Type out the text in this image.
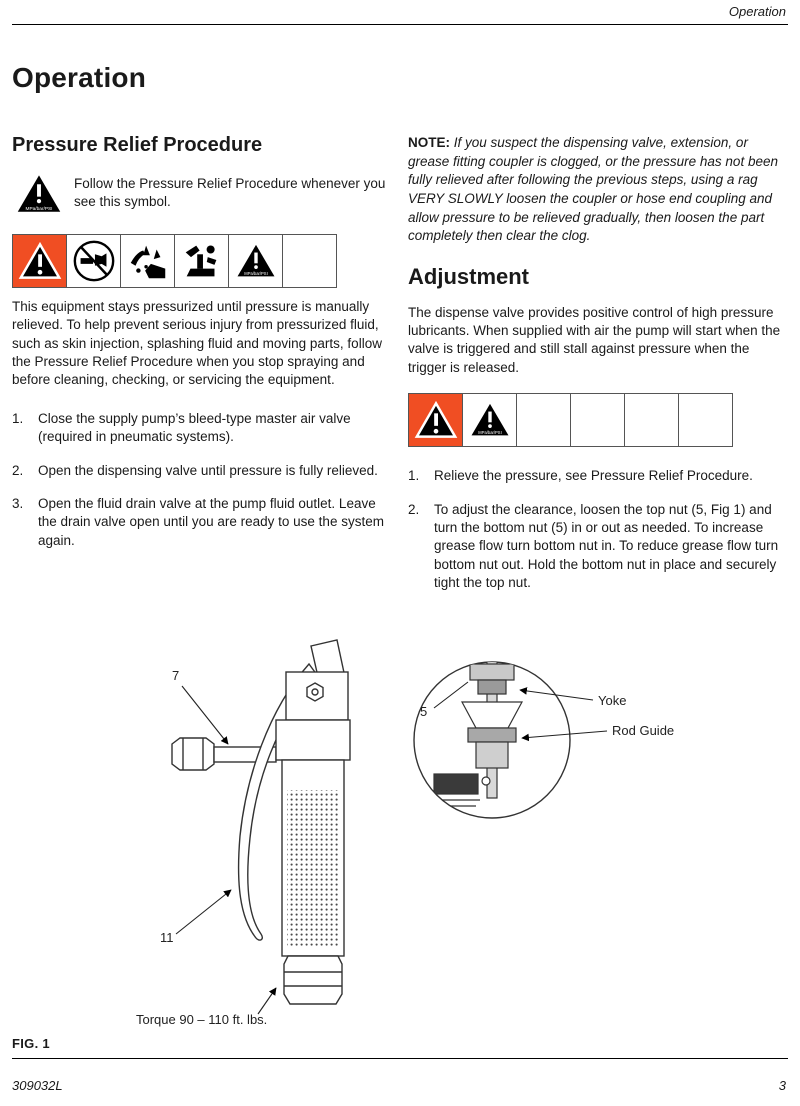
Operation
Operation
Pressure Relief Procedure
MPa/bar/PSI

Follow the Pressure Relief Procedure whenever you see this symbol.

MPa/bar/PSI

This equipment stays pressurized until pressure is manually relieved. To help prevent serious injury from pressurized fluid, such as skin injection, splashing fluid and moving parts, follow the Pressure Relief Procedure when you stop spraying and before cleaning, checking, or servicing the equipment.

1.	Close the supply pump’s bleed-type master air valve (required in pneumatic systems).
2.	Open the dispensing valve until pressure is fully relieved.
3.	Open the fluid drain valve at the pump fluid outlet. Leave the drain valve open until you are ready to use the system again.

NOTE: If you suspect the dispensing valve, extension, or grease fitting coupler is clogged, or the pressure has not been fully relieved after following the previous steps, using a rag VERY SLOWLY loosen the coupler or hose end coupling and allow pressure to be relieved gradually, then loosen the part completely then clear the clog.

Adjustment

The dispense valve provides positive control of high pressure lubricants. When supplied with air the pump will start when the valve is triggered and still stall against pressure when the trigger is released.

MPa/bar/PSI
1.	Relieve the pressure, see Pressure Relief Procedure.
2.	To adjust the clearance, loosen the top nut (5, Fig 1) and turn the bottom nut (5) in or out as needed. To increase grease flow turn bottom nut in. To reduce grease flow turn bottom nut out. Hold the bottom nut in place and securely tight the top nut.
7
5
Yoke
Rod Guide
11
Torque 90 – 110 ft. lbs.
FIG. 1
309032L	3
